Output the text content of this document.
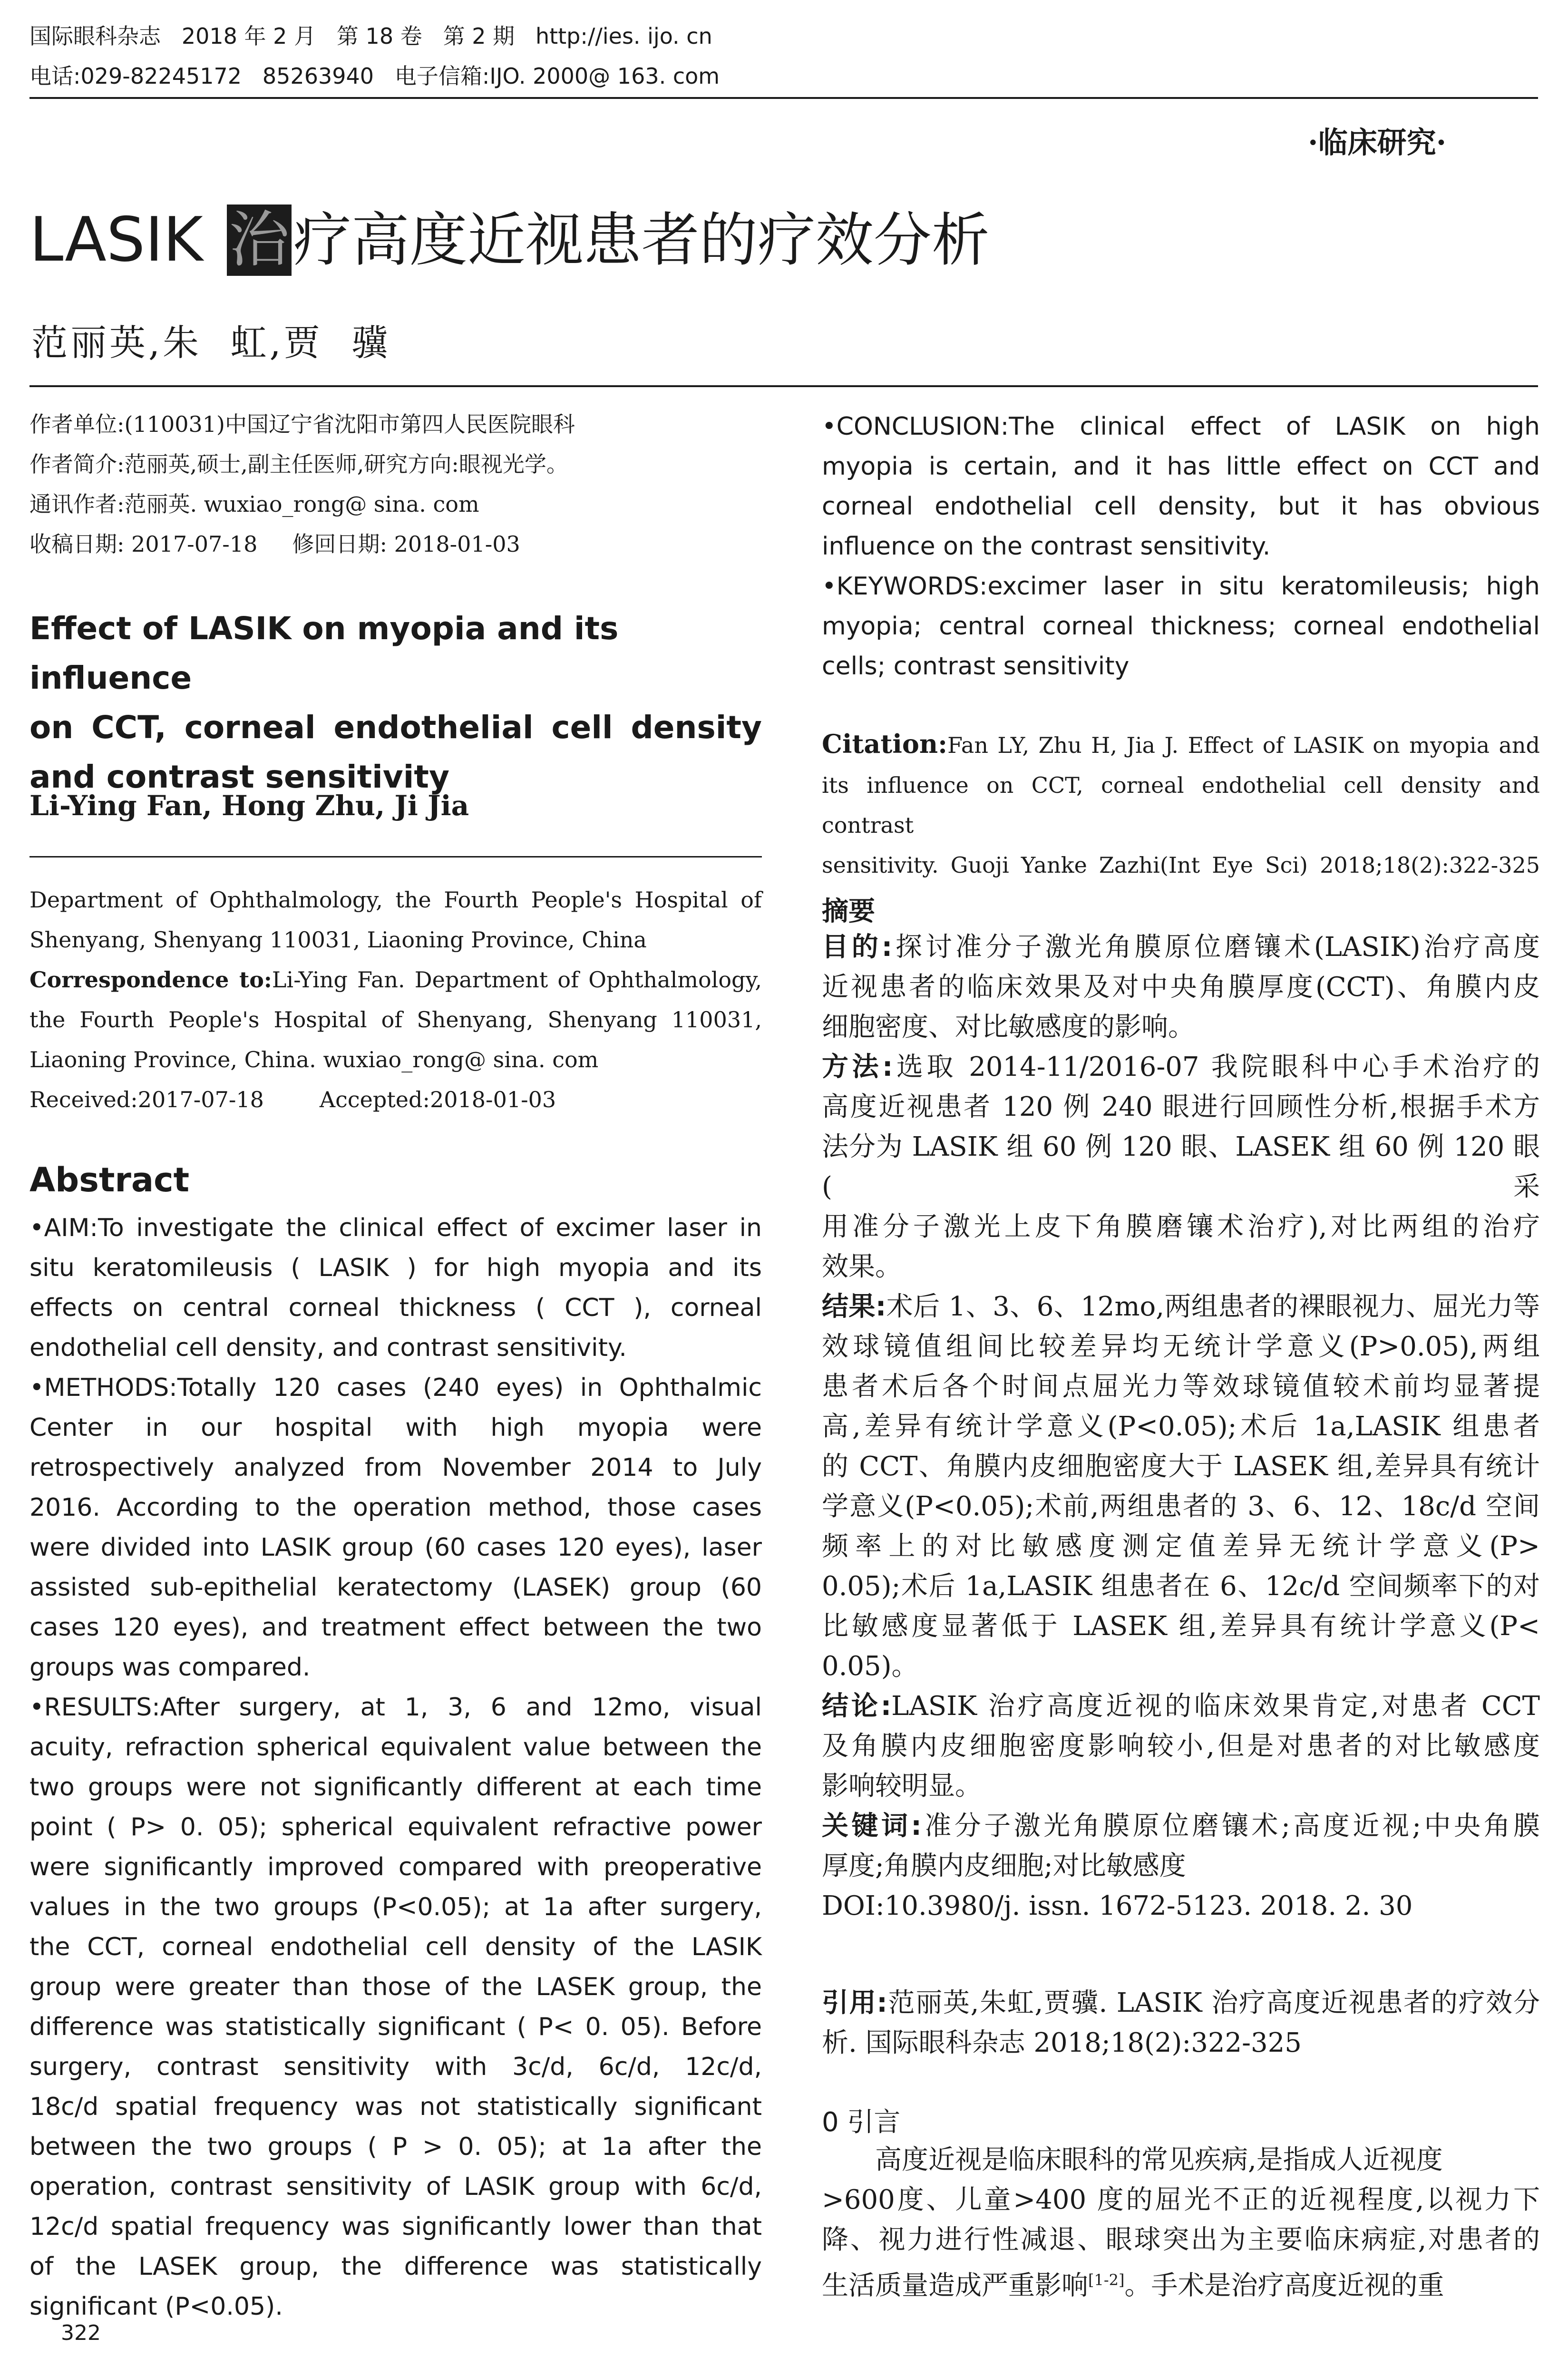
国际眼科杂志   2018 年 2 月   第 18 卷   第 2 期   http://ies. ijo. cn
电话:029-82245172   85263940   电子信箱:IJO. 2000@ 163. com
·临床研究·
LASIK 治 疗高度近视患者的疗效分析
范丽英,朱  虹,贾  骥
作者单位:(110031)中国辽宁省沈阳市第四人民医院眼科
作者简介:范丽英,硕士,副主任医师,研究方向:眼视光学。
通讯作者:范丽英. wuxiao_rong@ sina. com
收稿日期: 2017-07-18     修回日期: 2018-01-03
Effect of LASIK on myopia and its influence
on CCT, corneal endothelial cell density
and contrast sensitivity
Li-Ying Fan, Hong Zhu, Ji Jia
Department of Ophthalmology, the Fourth People's Hospital of
Shenyang, Shenyang 110031, Liaoning Province, China
Correspondence to:Li-Ying Fan. Department of Ophthalmology,
the Fourth People's Hospital of Shenyang, Shenyang 110031,
Liaoning Province, China. wuxiao_rong@ sina. com
Received:2017-07-18        Accepted:2018-01-03
Abstract
•AIM:To investigate the clinical effect of excimer laser in
situ keratomileusis ( LASIK ) for high myopia and its
effects on central corneal thickness ( CCT ), corneal
endothelial cell density, and contrast sensitivity.
•METHODS:Totally 120 cases (240 eyes) in Ophthalmic
Center in our hospital with high myopia were
retrospectively analyzed from November 2014 to July
2016. According to the operation method, those cases
were divided into LASIK group (60 cases 120 eyes), laser
assisted sub-epithelial keratectomy (LASEK) group (60
cases 120 eyes), and treatment effect between the two
groups was compared.
•RESULTS:After surgery, at 1, 3, 6 and 12mo, visual
acuity, refraction spherical equivalent value between the
two groups were not significantly different at each time
point ( P> 0. 05); spherical equivalent refractive power
were significantly improved compared with preoperative
values in the two groups (P<0.05); at 1a after surgery,
the CCT, corneal endothelial cell density of the LASIK
group were greater than those of the LASEK group, the
difference was statistically significant ( P< 0. 05). Before
surgery, contrast sensitivity with 3c/d, 6c/d, 12c/d,
18c/d spatial frequency was not statistically significant
between the two groups ( P > 0. 05); at 1a after the
operation, contrast sensitivity of LASIK group with 6c/d,
12c/d spatial frequency was significantly lower than that
of the LASEK group, the difference was statistically
significant (P<0.05).
322
•CONCLUSION:The clinical effect of LASIK on high
myopia is certain, and it has little effect on CCT and
corneal endothelial cell density, but it has obvious
influence on the contrast sensitivity.
•KEYWORDS:excimer laser in situ keratomileusis; high
myopia; central corneal thickness; corneal endothelial
cells; contrast sensitivity
Citation:Fan LY, Zhu H, Jia J. Effect of LASIK on myopia and
its influence on CCT, corneal endothelial cell density and contrast
sensitivity. Guoji Yanke Zazhi(Int Eye Sci) 2018;18(2):322-325
摘要
目的:探讨准分子激光角膜原位磨镶术(LASIK)治疗高度
近视患者的临床效果及对中央角膜厚度(CCT)、角膜内皮
细胞密度、对比敏感度的影响。
方法:选取 2014-11/2016-07 我院眼科中心手术治疗的
高度近视患者 120 例 240 眼进行回顾性分析,根据手术方
法分为 LASIK 组 60 例 120 眼、LASEK 组 60 例 120 眼(采
用准分子激光上皮下角膜磨镶术治疗),对比两组的治疗
效果。
结果:术后 1、3、6、12mo,两组患者的裸眼视力、屈光力等
效球镜值组间比较差异均无统计学意义(P>0.05),两组
患者术后各个时间点屈光力等效球镜值较术前均显著提
高,差异有统计学意义(P<0.05);术后 1a,LASIK 组患者
的 CCT、角膜内皮细胞密度大于 LASEK 组,差异具有统计
学意义(P<0.05);术前,两组患者的 3、6、12、18c/d 空间
频率上的对比敏感度测定值差异无统计学意义(P>
0.05);术后 1a,LASIK 组患者在 6、12c/d 空间频率下的对
比敏感度显著低于 LASEK 组,差异具有统计学意义(P<
0.05)。
结论:LASIK 治疗高度近视的临床效果肯定,对患者 CCT
及角膜内皮细胞密度影响较小,但是对患者的对比敏感度
影响较明显。
关键词:准分子激光角膜原位磨镶术;高度近视;中央角膜
厚度;角膜内皮细胞;对比敏感度
DOI:10.3980/j. issn. 1672-5123. 2018. 2. 30
引用:范丽英,朱虹,贾骥. LASIK 治疗高度近视患者的疗效分
析. 国际眼科杂志 2018;18(2):322-325
0 引言
高度近视是临床眼科的常见疾病,是指成人近视度
>600度、儿童>400 度的屈光不正的近视程度,以视力下
降、视力进行性减退、眼球突出为主要临床病症,对患者的
生活质量造成严重影响[1-2]。手术是治疗高度近视的重
